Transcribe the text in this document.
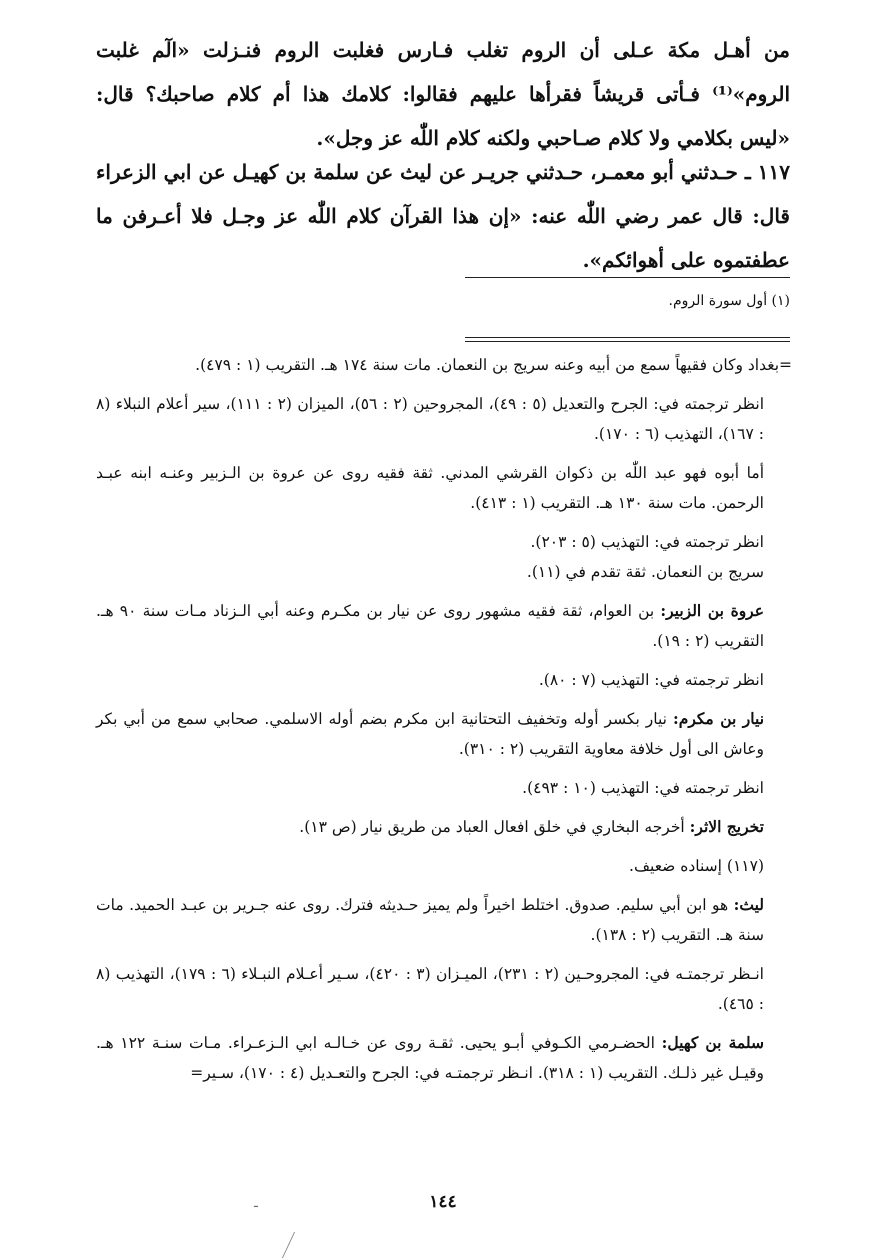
من أهـل مكة عـلى أن الروم تغلب فـارس فغلبت الروم فنـزلت «الٓم غلبت الروم»⁽¹⁾ فـأتى قريشاً فقرأها عليهم فقالوا: كلامك هذا أم كلام صاحبك؟ قال: «ليس بكلامي ولا كلام صـاحبي ولكنه كلام اللّٰه عز وجل».
١١٧ ـ حـدثني أبو معمـر، حـدثني جريـر عن ليث عن سلمة بن كهيـل عن ابي الزعراء قال: قال عمر رضي اللّٰه عنه: «إن هذا القرآن كلام اللّٰه عز وجـل فلا أعـرفن ما عطفتموه على أهوائكم».
(١) أول سورة الروم.

=بغداد وكان فقيهاً سمع من أبيه وعنه سريج بن النعمان. مات سنة ١٧٤ هـ. التقريب (١ : ٤٧٩).

انظر ترجمته في: الجرح والتعديل (٥ : ٤٩)، المجروحين (٢ : ٥٦)، الميزان (٢ : ١١١)، سير أعلام النبلاء (٨ : ١٦٧)، التهذيب (٦ : ١٧٠).

أما أبوه فهو عبد اللّٰه بن ذكوان القرشي المدني. ثقة فقيه روى عن عروة بن الـزبير وعنـه ابنه عبـد الرحمن. مات سنة ١٣٠ هـ. التقريب (١ : ٤١٣).

انظر ترجمته في: التهذيب (٥ : ٢٠٣).

سريج بن النعمان. ثقة تقدم في (١١).

عروة بن الزبير: بن العوام، ثقة فقيه مشهور روى عن نيار بن مكـرم وعنه أبي الـزناد مـات سنة ٩٠ هـ. التقريب (٢ : ١٩).

انظر ترجمته في: التهذيب (٧ : ٨٠).

نيار بن مكرم: نيار بكسر أوله وتخفيف التحتانية ابن مكرم بضم أوله الاسلمي. صحابي سمع من أبي بكر وعاش الى أول خلافة معاوية التقريب (٢ : ٣١٠).

انظر ترجمته في: التهذيب (١٠ : ٤٩٣).

تخريج الاثر: أخرجه البخاري في خلق افعال العباد من طريق نيار (ص ١٣).

(١١٧) إسناده ضعيف.

ليث: هو ابن أبي سليم. صدوق. اختلط اخيراً ولم يميز حـديثه فترك. روى عنه جـرير بن عبـد الحميد. مات سنة هـ. التقريب (٢ : ١٣٨).

انـظر ترجمتـه في: المجروحـين (٢ : ٢٣١)، الميـزان (٣ : ٤٢٠)، سـير أعـلام النبـلاء (٦ : ١٧٩)، التهذيب (٨ : ٤٦٥).

سلمة بن كهيل: الحضـرمي الكـوفي أبـو يحيى. ثقـة روى عن خـالـه ابي الـزعـراء. مـات سنـة ١٢٢ هـ. وقيـل غير ذلـك. التقريب (١ : ٣١٨). انـظر ترجمتـه في: الجرح والتعـديل (٤ : ١٧٠)، سـير=

١٤٤
ـ
